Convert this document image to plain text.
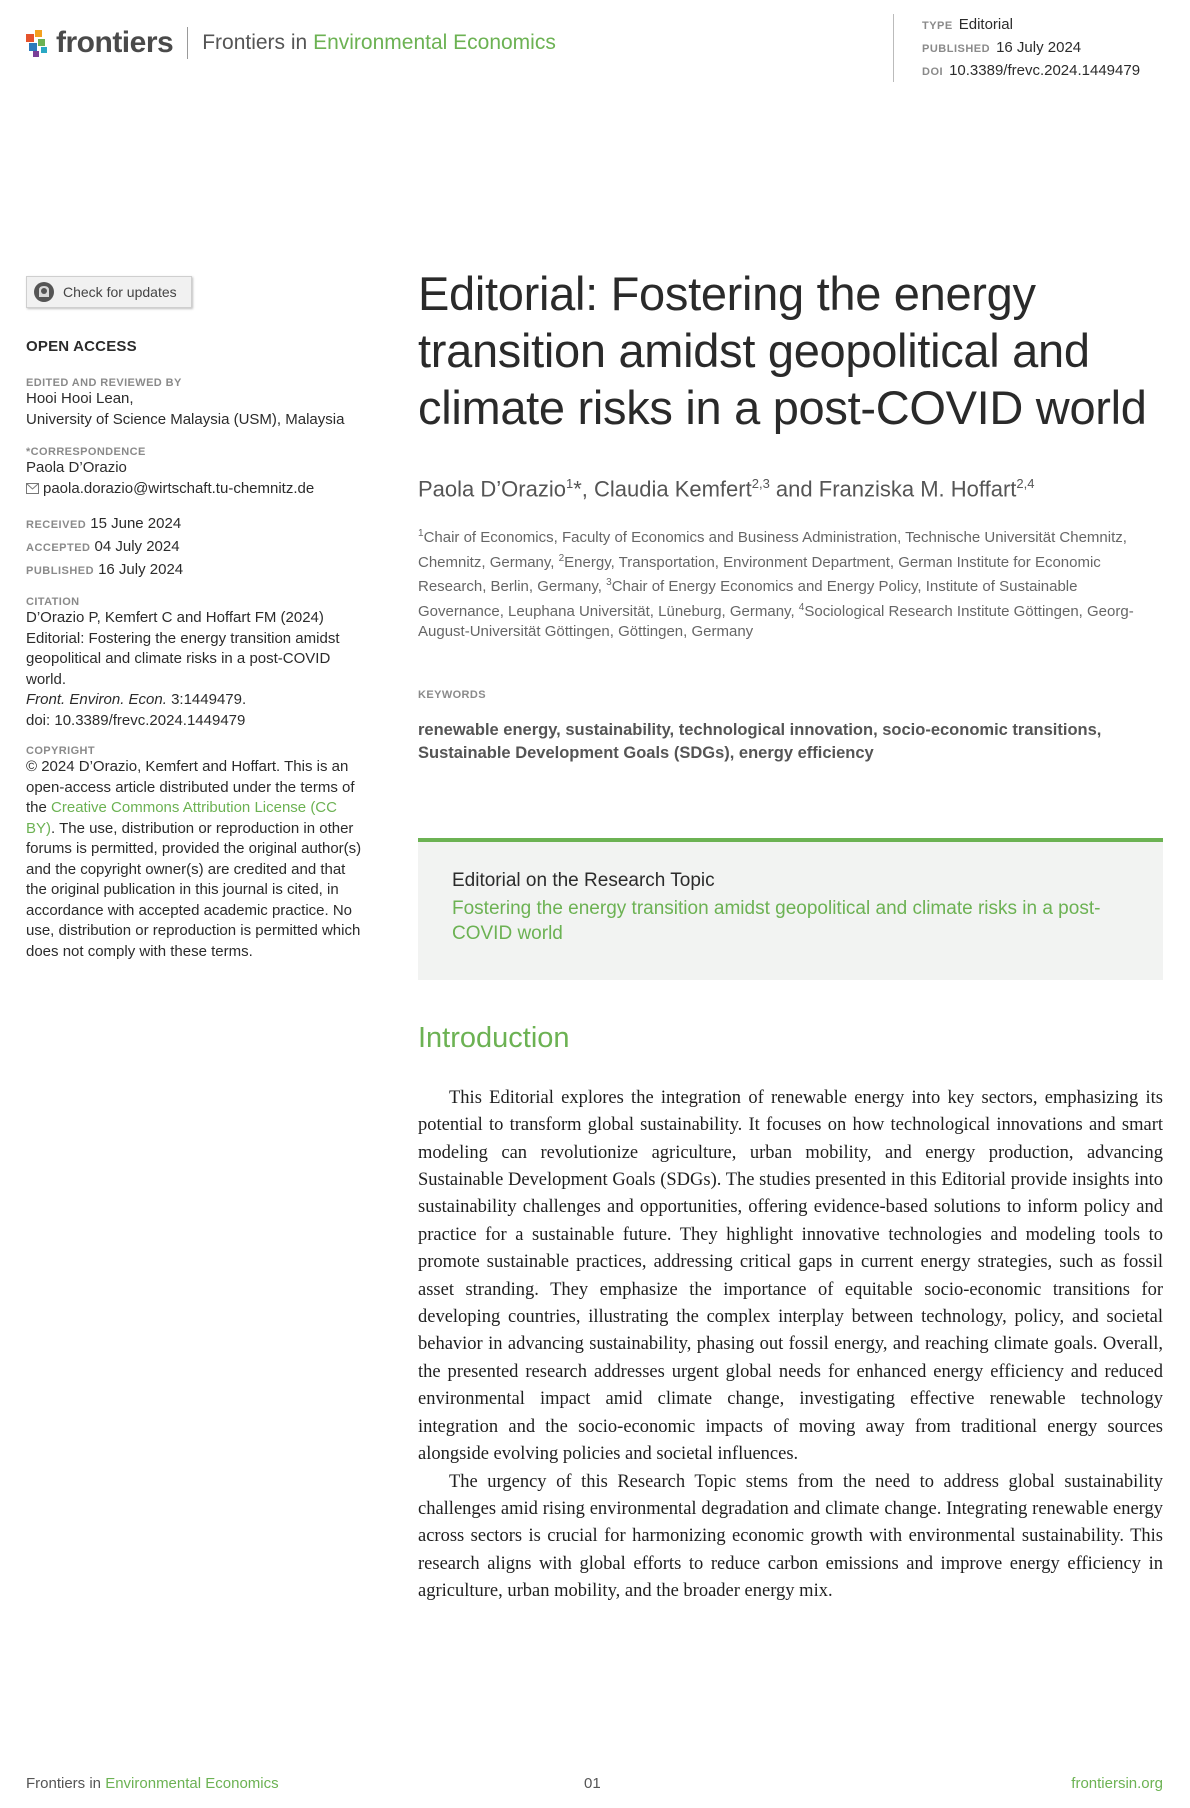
frontiers Frontiers in Environmental Economics
TYPE Editorial
PUBLISHED 16 July 2024
DOI 10.3389/frevc.2024.1449479
Check for updates
OPEN ACCESS
EDITED AND REVIEWED BY
Hooi Hooi Lean,
University of Science Malaysia (USM), Malaysia
*CORRESPONDENCE
Paola D’Orazio
paola.dorazio@wirtschaft.tu-chemnitz.de
RECEIVED 15 June 2024
ACCEPTED 04 July 2024
PUBLISHED 16 July 2024
CITATION
D’Orazio P, Kemfert C and Hoffart FM (2024) Editorial: Fostering the energy transition amidst geopolitical and climate risks in a post-COVID world.
Front. Environ. Econ. 3:1449479.
doi: 10.3389/frevc.2024.1449479
COPYRIGHT
© 2024 D’Orazio, Kemfert and Hoffart. This is an open-access article distributed under the terms of the Creative Commons Attribution License (CC BY). The use, distribution or reproduction in other forums is permitted, provided the original author(s) and the copyright owner(s) are credited and that the original publication in this journal is cited, in accordance with accepted academic practice. No use, distribution or reproduction is permitted which does not comply with these terms.
Editorial: Fostering the energy transition amidst geopolitical and climate risks in a post-COVID world
Paola D’Orazio$^1$*, Claudia Kemfert$^{2,3}$ and Franziska M. Hoffart$^{2,4}$
$^1$Chair of Economics, Faculty of Economics and Business Administration, Technische Universität Chemnitz, Chemnitz, Germany, $^2$Energy, Transportation, Environment Department, German Institute for Economic Research, Berlin, Germany, $^3$Chair of Energy Economics and Energy Policy, Institute of Sustainable Governance, Leuphana Universität, Lüneburg, Germany, $^4$Sociological Research Institute Göttingen, Georg-August-Universität Göttingen, Göttingen, Germany
KEYWORDS
renewable energy, sustainability, technological innovation, socio-economic transitions, Sustainable Development Goals (SDGs), energy efficiency
Editorial on the Research Topic
Fostering the energy transition amidst geopolitical and climate risks in a post-COVID world
Introduction

This Editorial explores the integration of renewable energy into key sectors, emphasizing its potential to transform global sustainability. It focuses on how technological innovations and smart modeling can revolutionize agriculture, urban mobility, and energy production, advancing Sustainable Development Goals (SDGs). The studies presented in this Editorial provide insights into sustainability challenges and opportunities, offering evidence-based solutions to inform policy and practice for a sustainable future. They highlight innovative technologies and modeling tools to promote sustainable practices, addressing critical gaps in current energy strategies, such as fossil asset stranding. They emphasize the importance of equitable socio-economic transitions for developing countries, illustrating the complex interplay between technology, policy, and societal behavior in advancing sustainability, phasing out fossil energy, and reaching climate goals. Overall, the presented research addresses urgent global needs for enhanced energy efficiency and reduced environmental impact amid climate change, investigating effective renewable technology integration and the socio-economic impacts of moving away from traditional energy sources alongside evolving policies and societal influences.

The urgency of this Research Topic stems from the need to address global sustainability challenges amid rising environmental degradation and climate change. Integrating renewable energy across sectors is crucial for harmonizing economic growth with environmental sustainability. This research aligns with global efforts to reduce carbon emissions and improve energy efficiency in agriculture, urban mobility, and the broader energy mix.

Frontiers in Environmental Economics	01	frontiersin.org
